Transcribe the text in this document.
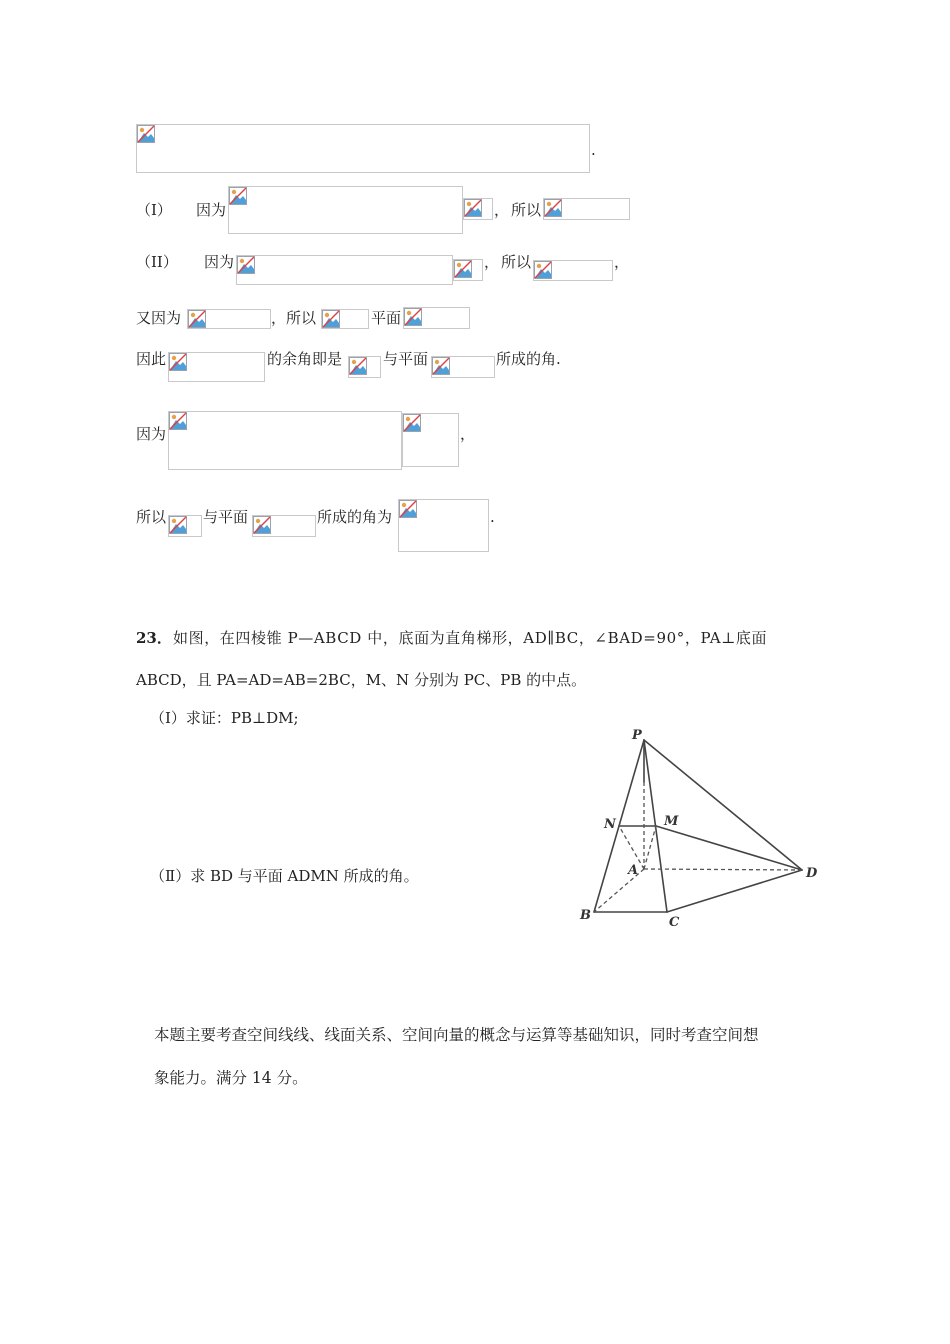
.
（I） 因为	， 所以
（II） 因为	， 所以	，
又因为	，所以	平面
因此	的余角即是	与平面	所成的角.
因为	，
所以 与平面	所成的角为	.
23． 如图，在四棱锥 P—ABCD 中，底面为直角梯形，AD∥BC，∠BAD=90°，PA⊥底面
ABCD，且 PA=AD=AB=2BC，M、N 分别为 PC、PB 的中点。
（Ⅰ）求证：PB⊥DM;
（Ⅱ）求 BD 与平面 ADMN 所成的角。
P
N	M
A	D
B	C
本题主要考查空间线线、线面关系、空间向量的概念与运算等基础知识，同时考查空间想
象能力。满分 14 分。
